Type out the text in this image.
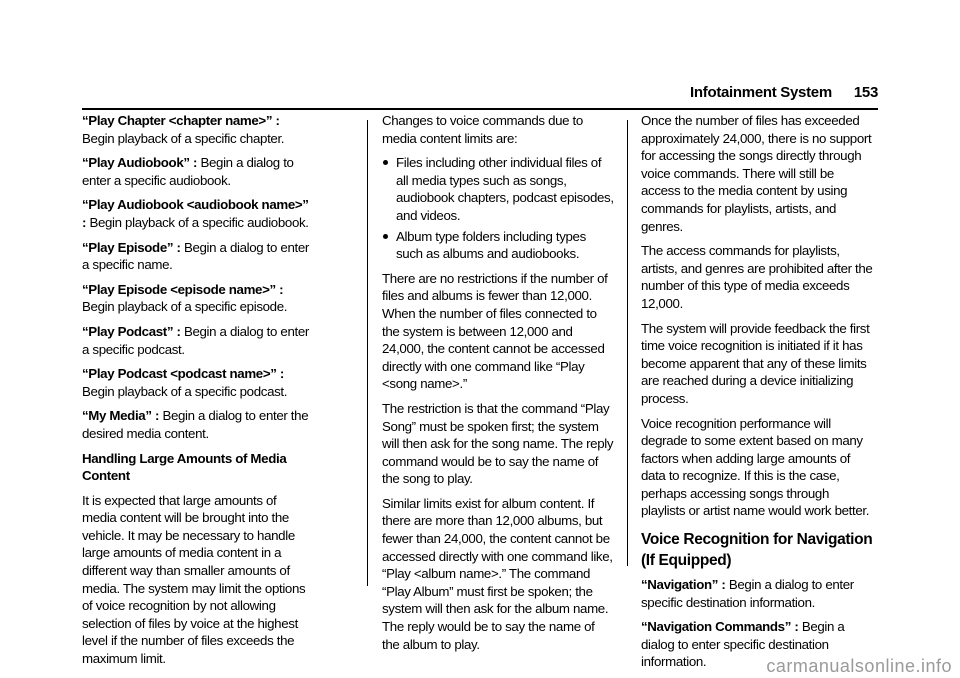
Infotainment System 153

“Play Chapter <chapter name>” : Begin playback of a specific chapter.

“Play Audiobook” : Begin a dialog to enter a specific audiobook.

“Play Audiobook <audiobook name>” : Begin playback of a specific audiobook.

“Play Episode” : Begin a dialog to enter a specific name.

“Play Episode <episode name>” : Begin playback of a specific episode.

“Play Podcast” : Begin a dialog to enter a specific podcast.

“Play Podcast <podcast name>” : Begin playback of a specific podcast.

“My Media” : Begin a dialog to enter the desired media content.

Handling Large Amounts of Media Content

It is expected that large amounts of media content will be brought into the vehicle. It may be necessary to handle large amounts of media content in a different way than smaller amounts of media. The system may limit the options of voice recognition by not allowing selection of files by voice at the highest level if the number of files exceeds the maximum limit.

Changes to voice commands due to media content limits are:

Files including other individual files of all media types such as songs, audiobook chapters, podcast episodes, and videos.
Album type folders including types such as albums and audiobooks.

There are no restrictions if the number of files and albums is fewer than 12,000. When the number of files connected to the system is between 12,000 and 24,000, the content cannot be accessed directly with one command like “Play <song name>.”

The restriction is that the command “Play Song” must be spoken first; the system will then ask for the song name. The reply command would be to say the name of the song to play.

Similar limits exist for album content. If there are more than 12,000 albums, but fewer than 24,000, the content cannot be accessed directly with one command like, “Play <album name>.” The command “Play Album” must first be spoken; the system will then ask for the album name. The reply would be to say the name of the album to play.

Once the number of files has exceeded approximately 24,000, there is no support for accessing the songs directly through voice commands. There will still be access to the media content by using commands for playlists, artists, and genres.

The access commands for playlists, artists, and genres are prohibited after the number of this type of media exceeds 12,000.

The system will provide feedback the first time voice recognition is initiated if it has become apparent that any of these limits are reached during a device initializing process.

Voice recognition performance will degrade to some extent based on many factors when adding large amounts of data to recognize. If this is the case, perhaps accessing songs through playlists or artist name would work better.

Voice Recognition for Navigation (If Equipped)

“Navigation” : Begin a dialog to enter specific destination information.

“Navigation Commands” : Begin a dialog to enter specific destination information.	carmanualsonline.info
